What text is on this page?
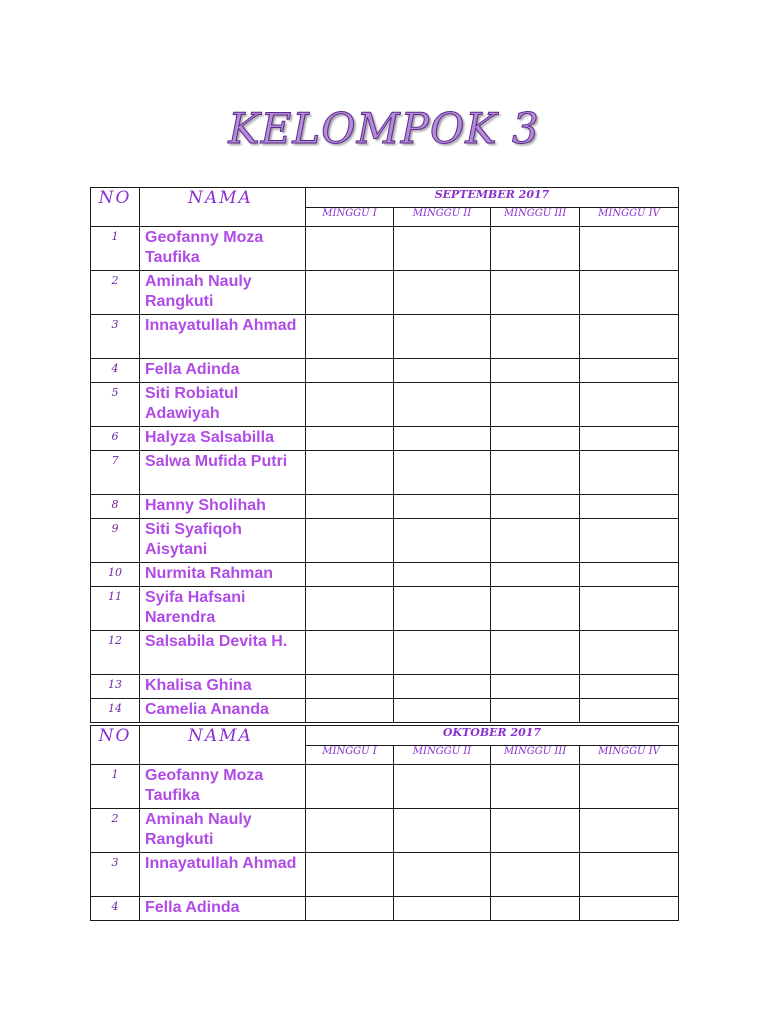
KELOMPOK 3
NO	NAMA	SEPTEMBER 2017			
		MINGGU I	MINGGU II	MINGGU III	MINGGU IV
1	Geofanny Moza Taufika				
2	Aminah Nauly Rangkuti				
3	Innayatullah Ahmad				
4	Fella Adinda				
5	Siti Robiatul Adawiyah				
6	Halyza Salsabilla				
7	Salwa Mufida Putri				
8	Hanny Sholihah				
9	Siti Syafiqoh Aisytani				
10	Nurmita Rahman				
11	Syifa Hafsani Narendra				
12	Salsabila Devita H.				
13	Khalisa Ghina				
14	Camelia Ananda				
NO	NAMA	OKTOBER 2017			
		MINGGU I	MINGGU II	MINGGU III	MINGGU IV
1	Geofanny Moza Taufika				
2	Aminah Nauly Rangkuti				
3	Innayatullah Ahmad				
4	Fella Adinda				
